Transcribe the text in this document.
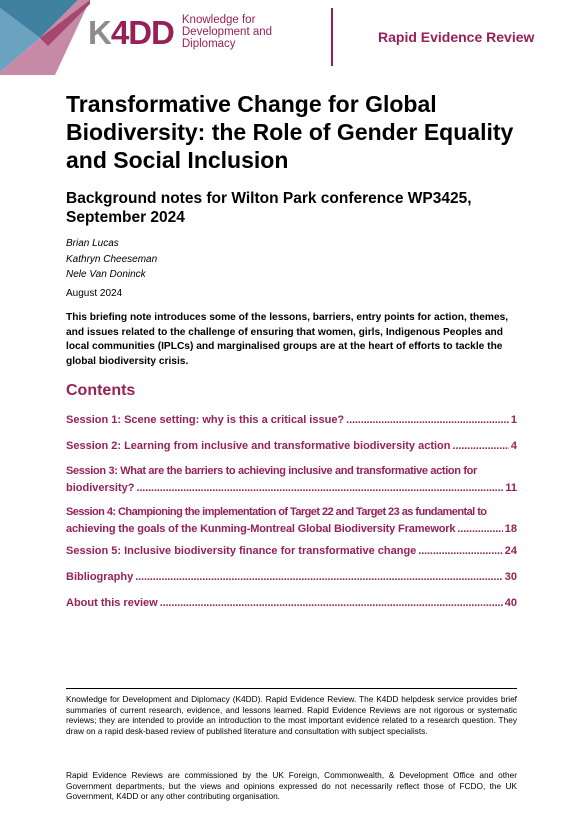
K4DD Knowledge for
Development and
Diplomacy	Rapid Evidence Review
Transformative Change for Global Biodiversity: the Role of Gender Equality and Social Inclusion
Background notes for Wilton Park conference WP3425, September 2024
Brian Lucas
Kathryn Cheeseman
Nele Van Doninck
August 2024

This briefing note introduces some of the lessons, barriers, entry points for action, themes, and issues related to the challenge of ensuring that women, girls, Indigenous Peoples and local communities (IPLCs) and marginalised groups are at the heart of efforts to tackle the global biodiversity crisis.

Contents
Session 1: Scene setting: why is this a critical issue? . . .	1
Session 2: Learning from inclusive and transformative biodiversity action . . .	4
Session 3: What are the barriers to achieving inclusive and transformative action for
biodiversity? . . .	11
Session 4: Championing the implementation of Target 22 and Target 23 as fundamental to
achieving the goals of the Kunming-Montreal Global Biodiversity Framework . . .	18
Session 5: Inclusive biodiversity finance for transformative change . . .	24
Bibliography . . .	30
About this review . . .	40

Knowledge for Development and Diplomacy (K4DD). Rapid Evidence Review. The K4DD helpdesk service provides brief summaries of current research, evidence, and lessons learned. Rapid Evidence Reviews are not rigorous or systematic reviews; they are intended to provide an introduction to the most important evidence related to a research question. They draw on a rapid desk-based review of published literature and consultation with subject specialists.

Rapid Evidence Reviews are commissioned by the UK Foreign, Commonwealth, & Development Office and other Government departments, but the views and opinions expressed do not necessarily reflect those of FCDO, the UK Government, K4DD or any other contributing organisation.
